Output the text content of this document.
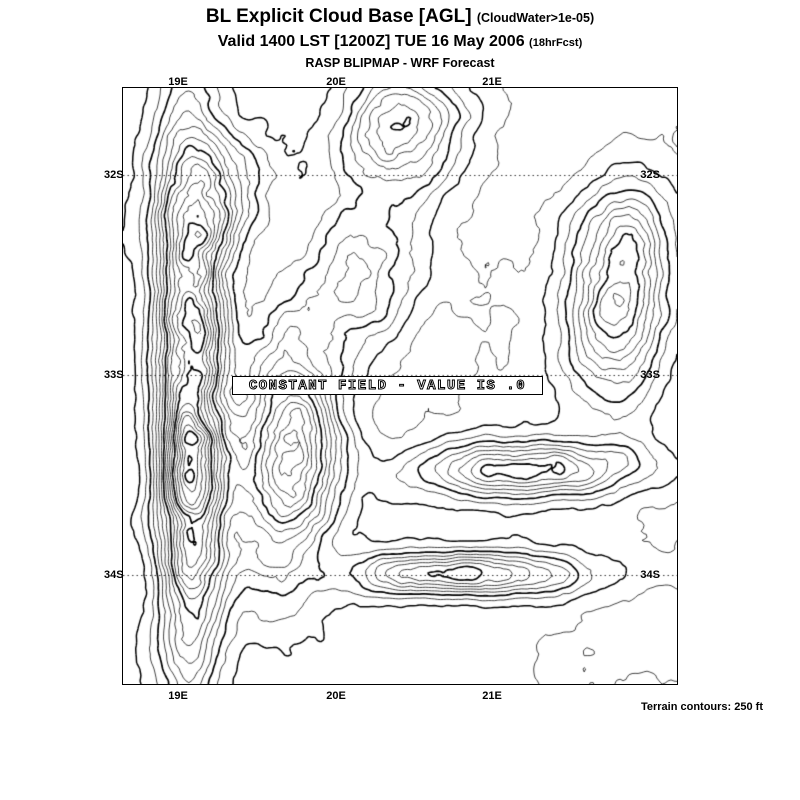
BL Explicit Cloud Base [AGL] (CloudWater>1e-05)
Valid 1400 LST [1200Z] TUE 16 May 2006 (18hrFcst)
RASP BLIPMAP - WRF Forecast
19E	20E	21E
19E	20E	21E
32S
33S
34S
32S
33S
34S
CONSTANT FIELD - VALUE IS .0
Terrain contours: 250 ft
